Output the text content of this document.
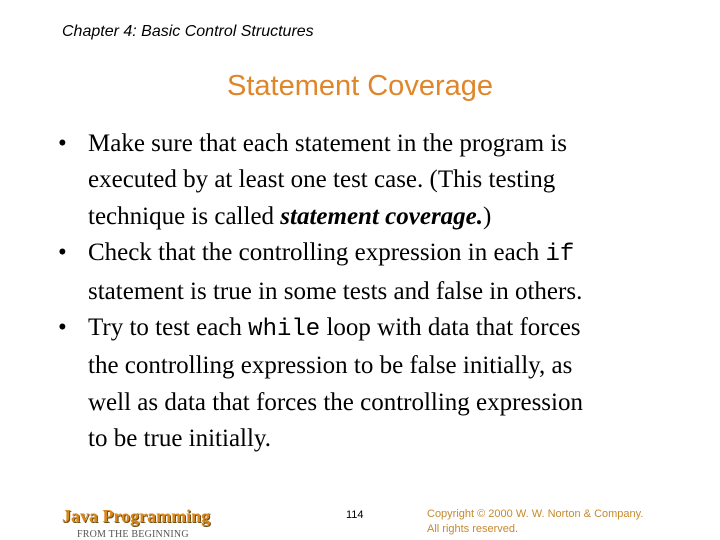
Chapter 4: Basic Control Structures
Statement Coverage
• Make sure that each statement in the program is
executed by at least one test case. (This testing
technique is called statement coverage.)
• Check that the controlling expression in each if
statement is true in some tests and false in others.
• Try to test each while loop with data that forces
the controlling expression to be false initially, as
well as data that forces the controlling expression
to be true initially.
Java Programming
FROM THE BEGINNING
114	Copyright © 2000 W. W. Norton & Company.
All rights reserved.
